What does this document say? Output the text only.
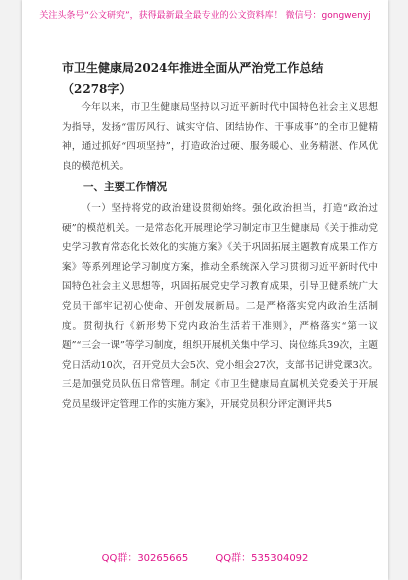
关注头条号“公文研究”，获得最新最全最专业的公文资料库！ 微信号：gongwenyj
市卫生健康局2024年推进全面从严治党工作总结（2278字）

今年以来，市卫生健康局坚持以习近平新时代中国特色社会主义思想为指导，发扬“雷厉风行、诚实守信、团结协作、干事成事”的全市卫健精神，通过抓好“四项坚持”，打造政治过硬、服务暖心、业务精湛、作风优良的模范机关。

一、主要工作情况

（一）坚持将党的政治建设贯彻始终。强化政治担当，打造“政治过硬”的模范机关。一是常态化开展理论学习制定市卫生健康局《关于推动党史学习教育常态化长效化的实施方案》《关于巩固拓展主题教育成果工作方案》等系列理论学习制度方案，推动全系统深入学习贯彻习近平新时代中国特色社会主义思想等，巩固拓展党史学习教育成果，引导卫健系统广大党员干部牢记初心使命、开创发展新局。二是严格落实党内政治生活制度。贯彻执行《新形势下党内政治生活若干准则》，严格落实“第一议题”“三会一课”等学习制度，组织开展机关集中学习、岗位练兵39次，主题党日活动10次，召开党员大会5次、党小组会27次，支部书记讲党课3次。三是加强党员队伍日常管理。制定《市卫生健康局直属机关党委关于开展党员星级评定管理工作的实施方案》，开展党员积分评定测评共5

QQ群：30265665	QQ群：535304092
